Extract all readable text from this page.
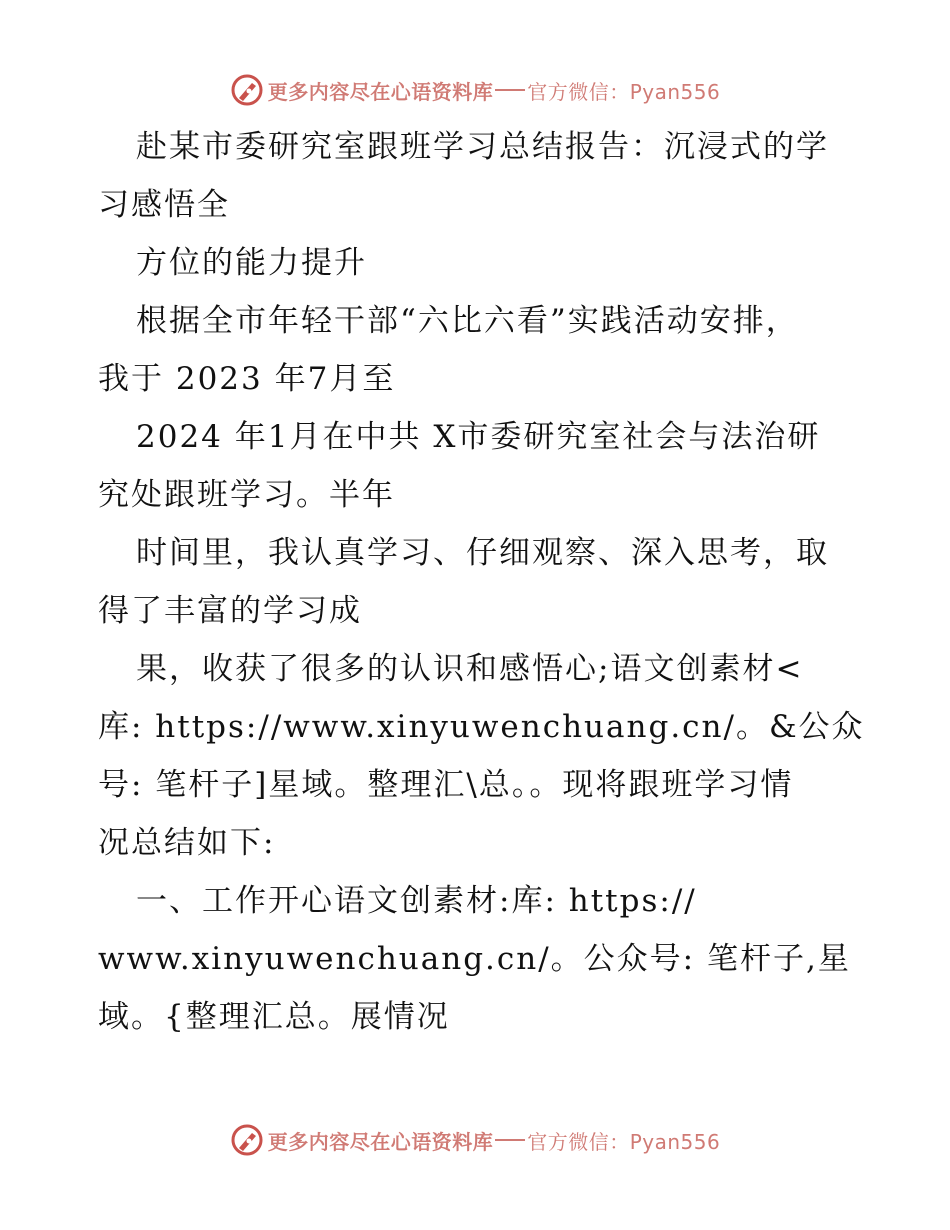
更多内容尽在心语资料库 官方微信：Pyan556
赴某市委研究室跟班学习总结报告：沉浸式的学
习感悟全
方位的能力提升
根据全市年轻干部“六比六看”实践活动安排，
我于 2023 年7月至
2024 年1月在中共 X市委研究室社会与法治研
究处跟班学习。半年
时间里，我认真学习、仔细观察、深入思考，取
得了丰富的学习成
果，收获了很多的认识和感悟心;语文创素材<
库: https://www.xinyuwenchuang.cn/。&公众
号: 笔杆子]星域。整理汇\总。。现将跟班学习情
况总结如下:
一、工作开心语文创素材:库: https://
www.xinyuwenchuang.cn/。公众号: 笔杆子,星
域。{整理汇总。展情况
更多内容尽在心语资料库 官方微信：Pyan556
